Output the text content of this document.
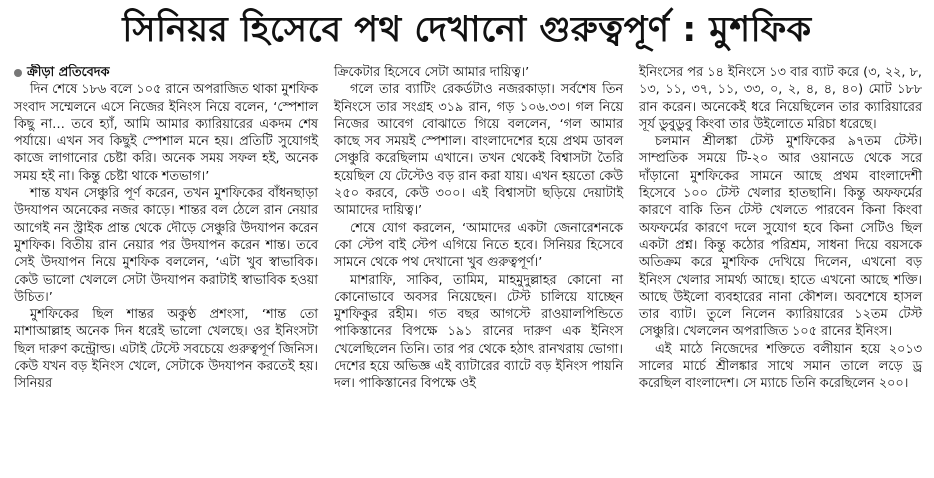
সিনিয়র হিসেবে পথ দেখানো গুরুত্বপূর্ণ : মুশফিক

ক্রীড়া প্রতিবেদক

দিন শেষে ১৮৬ বলে ১০৫ রানে অপরাজিত থাকা মুশফিক সংবাদ সম্মেলনে এসে নিজের ইনিংস নিয়ে বলেন, ‘স্পেশাল কিছু না… তবে হ্যাঁ, আমি আমার ক্যারিয়ারের একদম শেষ পর্যায়ে। এখন সব কিছুই স্পেশাল মনে হয়। প্রতিটি সুযোগই কাজে লাগানোর চেষ্টা করি। অনেক সময় সফল হই, অনেক সময় হই না। কিন্তু চেষ্টা থাকে শতভাগ।’

শান্ত যখন সেঞ্চুরি পূর্ণ করেন, তখন মুশফিকের বাঁধনছাড়া উদযাপন অনেকের নজর কাড়ে। শান্তর বল ঠেলে রান নেয়ার আগেই নন স্ট্রাইক প্রান্ত থেকে দৌড়ে সেঞ্চুরি উদযাপন করেন মুশফিক। বিতীয় রান নেয়ার পর উদযাপন করেন শান্ত। তবে সেই উদযাপন নিয়ে মুশফিক বললেন, ‘এটা খুব স্বাভাবিক। কেউ ভালো খেললে সেটা উদযাপন করাটাই স্বাভাবিক হওয়া উচিত।’

মুশফিকের ছিল শান্তর অকুণ্ঠ প্রশংসা, ‘শান্ত তো মাশাআল্লাহ অনেক দিন ধরেই ভালো খেলছে। ওর ইনিংসটা ছিল দারুণ কন্ট্রোল্ড। এটাই টেস্টে সবচেয়ে গুরুত্বপূর্ণ জিনিস। কেউ যখন বড় ইনিংস খেলে, সেটাকে উদযাপন করতেই হয়। সিনিয়র

ক্রিকেটার হিসেবে সেটা আমার দায়িত্ব।’

গলে তার ব্যাটিং রেকর্ডটাও নজরকাড়া। সর্বশেষ তিন ইনিংসে তার সংগ্রহ ৩১৯ রান, গড় ১০৬.৩৩। গল নিয়ে নিজের আবেগ বোঝাতে গিয়ে বললেন, ‘গল আমার কাছে সব সময়ই স্পেশাল। বাংলাদেশের হয়ে প্রথম ডাবল সেঞ্চুরি করেছিলাম এখানে। তখন থেকেই বিশ্বাসটা তৈরি হয়েছিল যে টেস্টেও বড় রান করা যায়। এখন হয়তো কেউ ২৫০ করবে, কেউ ৩০০। এই বিশ্বাসটা ছড়িয়ে দেয়াটাই আমাদের দায়িত্ব।’

শেষে যোগ করলেন, ‘আমাদের একটা জেনারেশনকে কো স্টেপ বাই স্টেপ এগিয়ে নিতে হবে। সিনিয়র হিসেবে সামনে থেকে পথ দেখানো খুব গুরুত্বপূর্ণ।’

মাশরাফি, সাকিব, তামিম, মাহমুদুল্লাহর কোনো না কোনোভাবে অবসর নিয়েছেন। টেস্ট চালিয়ে যাচ্ছেন মুশফিকুর রহীম। গত বছর আগস্টে রাওয়ালপিন্ডিতে পাকিস্তানের বিপক্ষে ১৯১ রানের দারুণ এক ইনিংস খেলেছিলেন তিনি। তার পর থেকে হঠাৎ রানখরায় ভোগা। দেশের হয়ে অভিজ্ঞ এই ব্যাটারের ব্যাটে বড় ইনিংস পায়নি দল। পাকিস্তানের বিপক্ষে ওই

ইনিংসের পর ১৪ ইনিংসে ১৩ বার ব্যাট করে (৩, ২২, ৮, ১৩, ১১, ৩৭, ১১, ৩৩, ০, ২, ৪, ৪, ৪০) মোট ১৮৮ রান করেন। অনেকেই ধরে নিয়েছিলেন তার ক্যারিয়ারের সূর্য ডুবুডুবু কিংবা তার উইলোতে মরিচা ধরেছে।

চলমান শ্রীলঙ্কা টেস্ট মুশফিকের ৯৭তম টেস্ট। সাম্প্রতিক সময়ে টি-২০ আর ওয়ানডে থেকে সরে দাঁড়ানো মুশফিকের সামনে আছে প্রথম বাংলাদেশী হিসেবে ১০০ টেস্ট খেলার হাতছানি। কিন্তু অফফর্মের কারণে বাকি তিন টেস্ট খেলতে পারবেন কিনা কিংবা অফফর্মের কারণে দলে সুযোগ হবে কিনা সেটিও ছিল একটা প্রশ্ন। কিন্তু কঠোর পরিশ্রম, সাধনা দিয়ে বয়সকে অতিক্রম করে মুশফিক দেখিয়ে দিলেন, এখনো বড় ইনিংস খেলার সামর্থ্য আছে। হাতে এখনো আছে শক্তি। আছে উইলো ব্যবহারের নানা কৌশল। অবশেষে হাসল তার ব্যাট। তুলে নিলেন ক্যারিয়ারের ১২তম টেস্ট সেঞ্চুরি। খেললেন অপরাজিত ১০৫ রানের ইনিংস।

এই মাঠে নিজেদের শক্তিতে বলীয়ান হয়ে ২০১৩ সালের মার্চে শ্রীলঙ্কার সাথে সমান তালে লড়ে ড্র করেছিল বাংলাদেশ। সে ম্যাচে তিনি করেছিলেন ২০০।
